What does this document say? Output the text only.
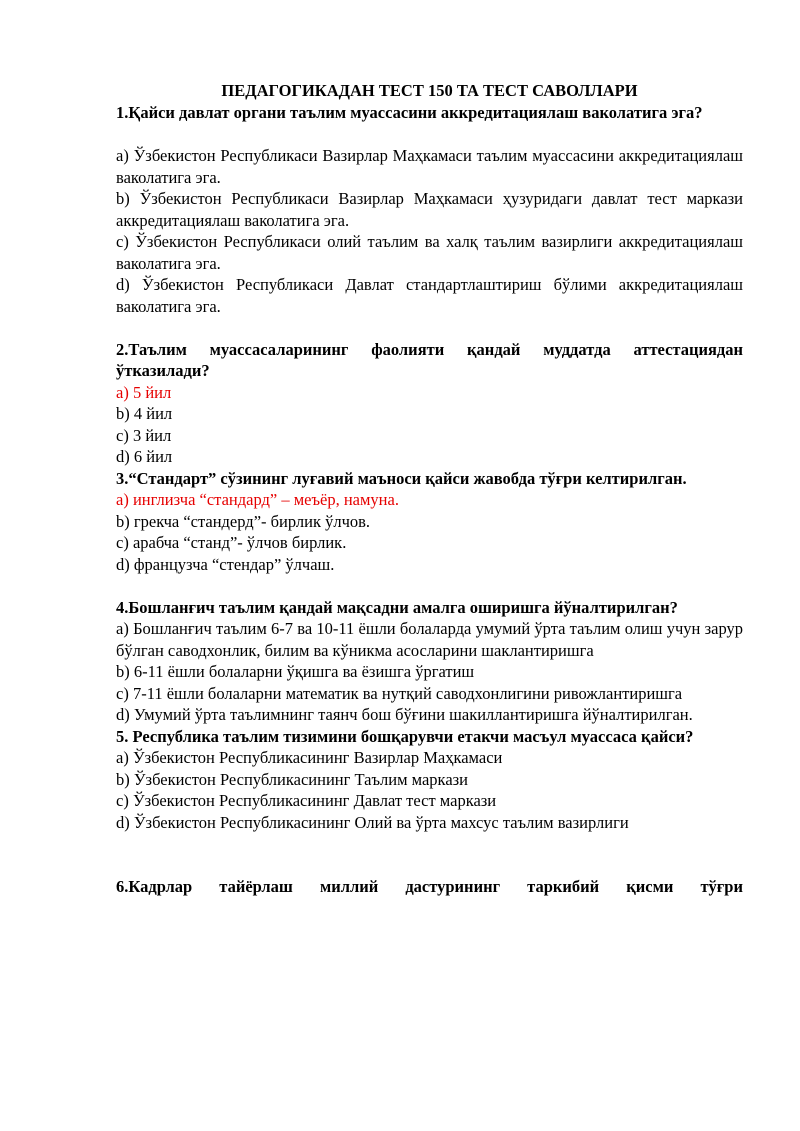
ПЕДАГОГИКАДАН ТЕСТ 150 ТА ТЕСТ САВОЛЛАРИ
1.Қайси давлат органи таълим муассасини аккредитациялаш ваколатига эга?
a) Ўзбекистон Республикаси Вазирлар Маҳкамаси таълим муассасини аккредитациялаш ваколатига эга.
b) Ўзбекистон Республикаси Вазирлар Маҳкамаси ҳузуридаги давлат тест маркази аккредитациялаш ваколатига эга.
c) Ўзбекистон Республикаси олий таълим ва халқ таълим вазирлиги аккредитациялаш ваколатига эга.
d) Ўзбекистон Республикаси Давлат стандартлаштириш бўлими аккредитациялаш ваколатига эга.
2.Таълим муассасаларининг фаолияти қандай муддатда аттестациядан ўтказилади?
a) 5 йил
b) 4 йил
c) 3 йил
d) 6 йил
3.“Стандарт” сўзининг луғавий маъноси қайси жавобда тўғри келтирилган.
a) инглизча “стандард” – меъёр, намуна.
b) грекча “стандерд”- бирлик ўлчов.
c) арабча “станд”- ўлчов бирлик.
d) французча “стендар” ўлчаш.
4.Бошланғич таълим қандай мақсадни амалга оширишга йўналтирилган?
a) Бошланғич таълим 6-7 ва 10-11 ёшли болаларда умумий ўрта таълим олиш учун зарур бўлган саводхонлик, билим ва кўникма асосларини шаклантиришга
b) 6-11 ёшли болаларни ўқишга ва ёзишга ўргатиш
c) 7-11 ёшли болаларни математик ва нутқий саводхонлигини ривожлантиришга
d) Умумий ўрта таълимнинг таянч бош бўғини шакиллантиришга йўналтирилган.
5. Республика таълим тизимини бошқарувчи етакчи масъул муассаса қайси?
a) Ўзбекистон Республикасининг Вазирлар Маҳкамаси
b) Ўзбекистон Республикасининг Таълим маркази
c) Ўзбекистон Республикасининг Давлат тест маркази
d) Ўзбекистон Республикасининг Олий ва ўрта махсус таълим вазирлиги
6.Кадрлар тайёрлаш миллий дастурининг таркибий қисми тўғри
